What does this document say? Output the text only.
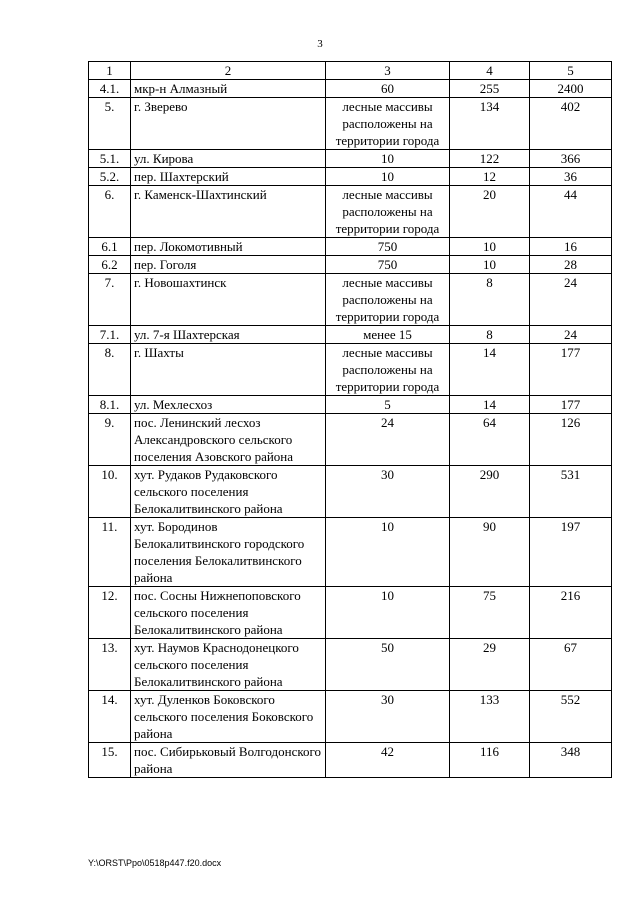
3
1	2	3	4	5
4.1.	мкр-н Алмазный	60	255	2400
5.	г. Зверево	лесные массивы расположены на территории города	134	402
5.1.	ул. Кирова	10	122	366
5.2.	пер. Шахтерский	10	12	36
6.	г. Каменск-Шахтинский	лесные массивы расположены на территории города	20	44
6.1	пер. Локомотивный	750	10	16
6.2	пер. Гоголя	750	10	28
7.	г. Новошахтинск	лесные массивы расположены на территории города	8	24
7.1.	ул. 7-я Шахтерская	менее 15	8	24
8.	г. Шахты	лесные массивы расположены на территории города	14	177
8.1.	ул. Мехлесхоз	5	14	177
9.	пос. Ленинский лесхоз Александровского сельского поселения Азовского района	24	64	126
10.	хут. Рудаков Рудаковского сельского поселения Белокалитвинского района	30	290	531
11.	хут. Бородинов Белокалитвинского городского поселения Белокалитвинского района	10	90	197
12.	пос. Сосны Нижнепоповского сельского поселения Белокалитвинского района	10	75	216
13.	хут. Наумов Краснодонецкого сельского поселения Белокалитвинского района	50	29	67
14.	хут. Дуленков Боковского сельского поселения Боковского района	30	133	552
15.	пос. Сибирьковый Волгодонского района	42	116	348
Y:\ORST\Ppo\0518p447.f20.docx
